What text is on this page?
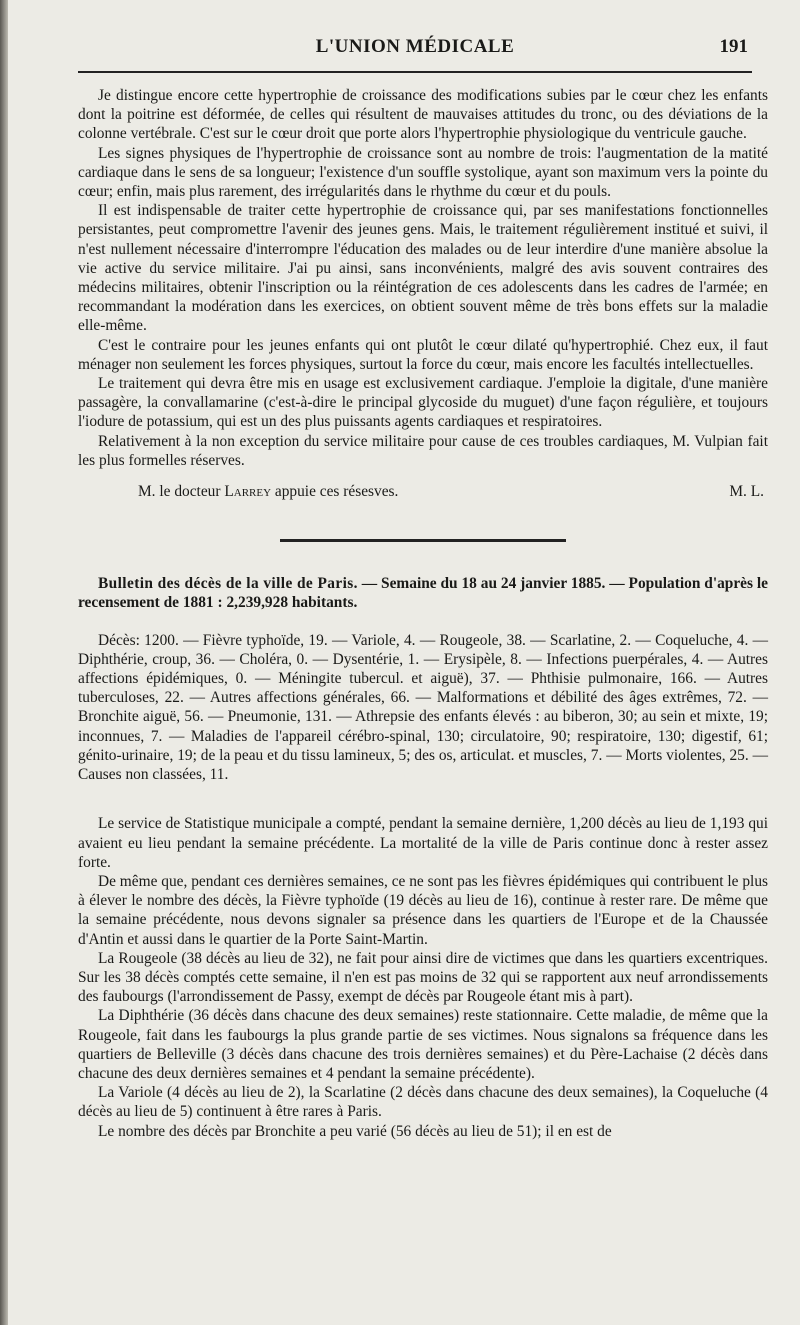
L'UNION MÉDICALE	191

Je distingue encore cette hypertrophie de croissance des modifications subies par le cœur chez les enfants dont la poitrine est déformée, de celles qui résultent de mauvaises attitudes du tronc, ou des déviations de la colonne vertébrale. C'est sur le cœur droit que porte alors l'hypertrophie physiologique du ventricule gauche.

Les signes physiques de l'hypertrophie de croissance sont au nombre de trois: l'augmentation de la matité cardiaque dans le sens de sa longueur; l'existence d'un souffle systolique, ayant son maximum vers la pointe du cœur; enfin, mais plus rarement, des irrégularités dans le rhythme du cœur et du pouls.

Il est indispensable de traiter cette hypertrophie de croissance qui, par ses manifestations fonctionnelles persistantes, peut compromettre l'avenir des jeunes gens. Mais, le traitement régulièrement institué et suivi, il n'est nullement nécessaire d'interrompre l'éducation des malades ou de leur interdire d'une manière absolue la vie active du service militaire. J'ai pu ainsi, sans inconvénients, malgré des avis souvent contraires des médecins militaires, obtenir l'inscription ou la réintégration de ces adolescents dans les cadres de l'armée; en recommandant la modération dans les exercices, on obtient souvent même de très bons effets sur la maladie elle-même.

C'est le contraire pour les jeunes enfants qui ont plutôt le cœur dilaté qu'hypertrophié. Chez eux, il faut ménager non seulement les forces physiques, surtout la force du cœur, mais encore les facultés intellectuelles.

Le traitement qui devra être mis en usage est exclusivement cardiaque. J'emploie la digitale, d'une manière passagère, la convallamarine (c'est-à-dire le principal glycoside du muguet) d'une façon régulière, et toujours l'iodure de potassium, qui est un des plus puissants agents cardiaques et respiratoires.

Relativement à la non exception du service militaire pour cause de ces troubles cardiaques, M. Vulpian fait les plus formelles réserves.

M. le docteur Larrey appuie ces résesves.	M. L.

Bulletin des décès de la ville de Paris. — Semaine du 18 au 24 janvier 1885. — Population d'après le recensement de 1881 : 2,239,928 habitants.

Décès: 1200. — Fièvre typhoïde, 19. — Variole, 4. — Rougeole, 38. — Scarlatine, 2. — Coqueluche, 4. — Diphthérie, croup, 36. — Choléra, 0. — Dysentérie, 1. — Erysipèle, 8. — Infections puerpérales, 4. — Autres affections épidémiques, 0. — Méningite tubercul. et aiguë), 37. — Phthisie pulmonaire, 166. — Autres tuberculoses, 22. — Autres affections générales, 66. — Malformations et débilité des âges extrêmes, 72. — Bronchite aiguë, 56. — Pneumonie, 131. — Athrepsie des enfants élevés : au biberon, 30; au sein et mixte, 19; inconnues, 7. — Maladies de l'appareil cérébro-spinal, 130; circulatoire, 90; respiratoire, 130; digestif, 61; génito-urinaire, 19; de la peau et du tissu lamineux, 5; des os, articulat. et muscles, 7. — Morts violentes, 25. — Causes non classées, 11.

Le service de Statistique municipale a compté, pendant la semaine dernière, 1,200 décès au lieu de 1,193 qui avaient eu lieu pendant la semaine précédente. La mortalité de la ville de Paris continue donc à rester assez forte.

De même que, pendant ces dernières semaines, ce ne sont pas les fièvres épidémiques qui contribuent le plus à élever le nombre des décès, la Fièvre typhoïde (19 décès au lieu de 16), continue à rester rare. De même que la semaine précédente, nous devons signaler sa présence dans les quartiers de l'Europe et de la Chaussée d'Antin et aussi dans le quartier de la Porte Saint-Martin.

La Rougeole (38 décès au lieu de 32), ne fait pour ainsi dire de victimes que dans les quartiers excentriques. Sur les 38 décès comptés cette semaine, il n'en est pas moins de 32 qui se rapportent aux neuf arrondissements des faubourgs (l'arrondissement de Passy, exempt de décès par Rougeole étant mis à part).

La Diphthérie (36 décès dans chacune des deux semaines) reste stationnaire. Cette maladie, de même que la Rougeole, fait dans les faubourgs la plus grande partie de ses victimes. Nous signalons sa fréquence dans les quartiers de Belleville (3 décès dans chacune des trois dernières semaines) et du Père-Lachaise (2 décès dans chacune des deux dernières semaines et 4 pendant la semaine précédente).

La Variole (4 décès au lieu de 2), la Scarlatine (2 décès dans chacune des deux semaines), la Coqueluche (4 décès au lieu de 5) continuent à être rares à Paris.

Le nombre des décès par Bronchite a peu varié (56 décès au lieu de 51); il en est de
